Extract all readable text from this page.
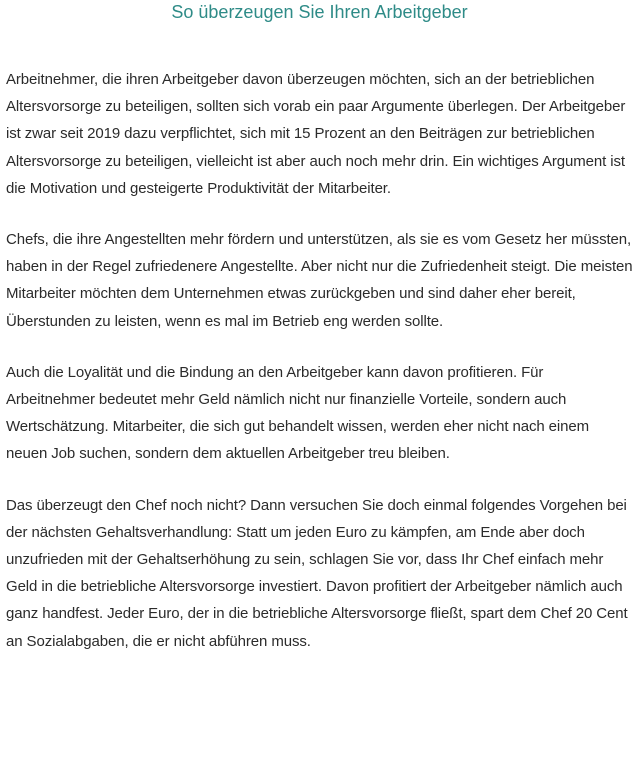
So überzeugen Sie Ihren Arbeitgeber

Arbeitnehmer, die ihren Arbeitgeber davon überzeugen möchten, sich an der betrieblichen Altersvorsorge zu beteiligen, sollten sich vorab ein paar Argumente überlegen. Der Arbeitgeber ist zwar seit 2019 dazu verpflichtet, sich mit 15 Prozent an den Beiträgen zur betrieblichen Altersvorsorge zu beteiligen, vielleicht ist aber auch noch mehr drin. Ein wichtiges Argument ist die Motivation und gesteigerte Produktivität der Mitarbeiter.

Chefs, die ihre Angestellten mehr fördern und unterstützen, als sie es vom Gesetz her müssten, haben in der Regel zufriedenere Angestellte. Aber nicht nur die Zufriedenheit steigt. Die meisten Mitarbeiter möchten dem Unternehmen etwas zurückgeben und sind daher eher bereit, Überstunden zu leisten, wenn es mal im Betrieb eng werden sollte.

Auch die Loyalität und die Bindung an den Arbeitgeber kann davon profitieren. Für Arbeitnehmer bedeutet mehr Geld nämlich nicht nur finanzielle Vorteile, sondern auch Wertschätzung. Mitarbeiter, die sich gut behandelt wissen, werden eher nicht nach einem neuen Job suchen, sondern dem aktuellen Arbeitgeber treu bleiben.

Das überzeugt den Chef noch nicht? Dann versuchen Sie doch einmal folgendes Vorgehen bei der nächsten Gehaltsverhandlung: Statt um jeden Euro zu kämpfen, am Ende aber doch unzufrieden mit der Gehaltserhöhung zu sein, schlagen Sie vor, dass Ihr Chef einfach mehr Geld in die betriebliche Altersvorsorge investiert. Davon profitiert der Arbeitgeber nämlich auch ganz handfest. Jeder Euro, der in die betriebliche Altersvorsorge fließt, spart dem Chef 20 Cent an Sozialabgaben, die er nicht abführen muss.
